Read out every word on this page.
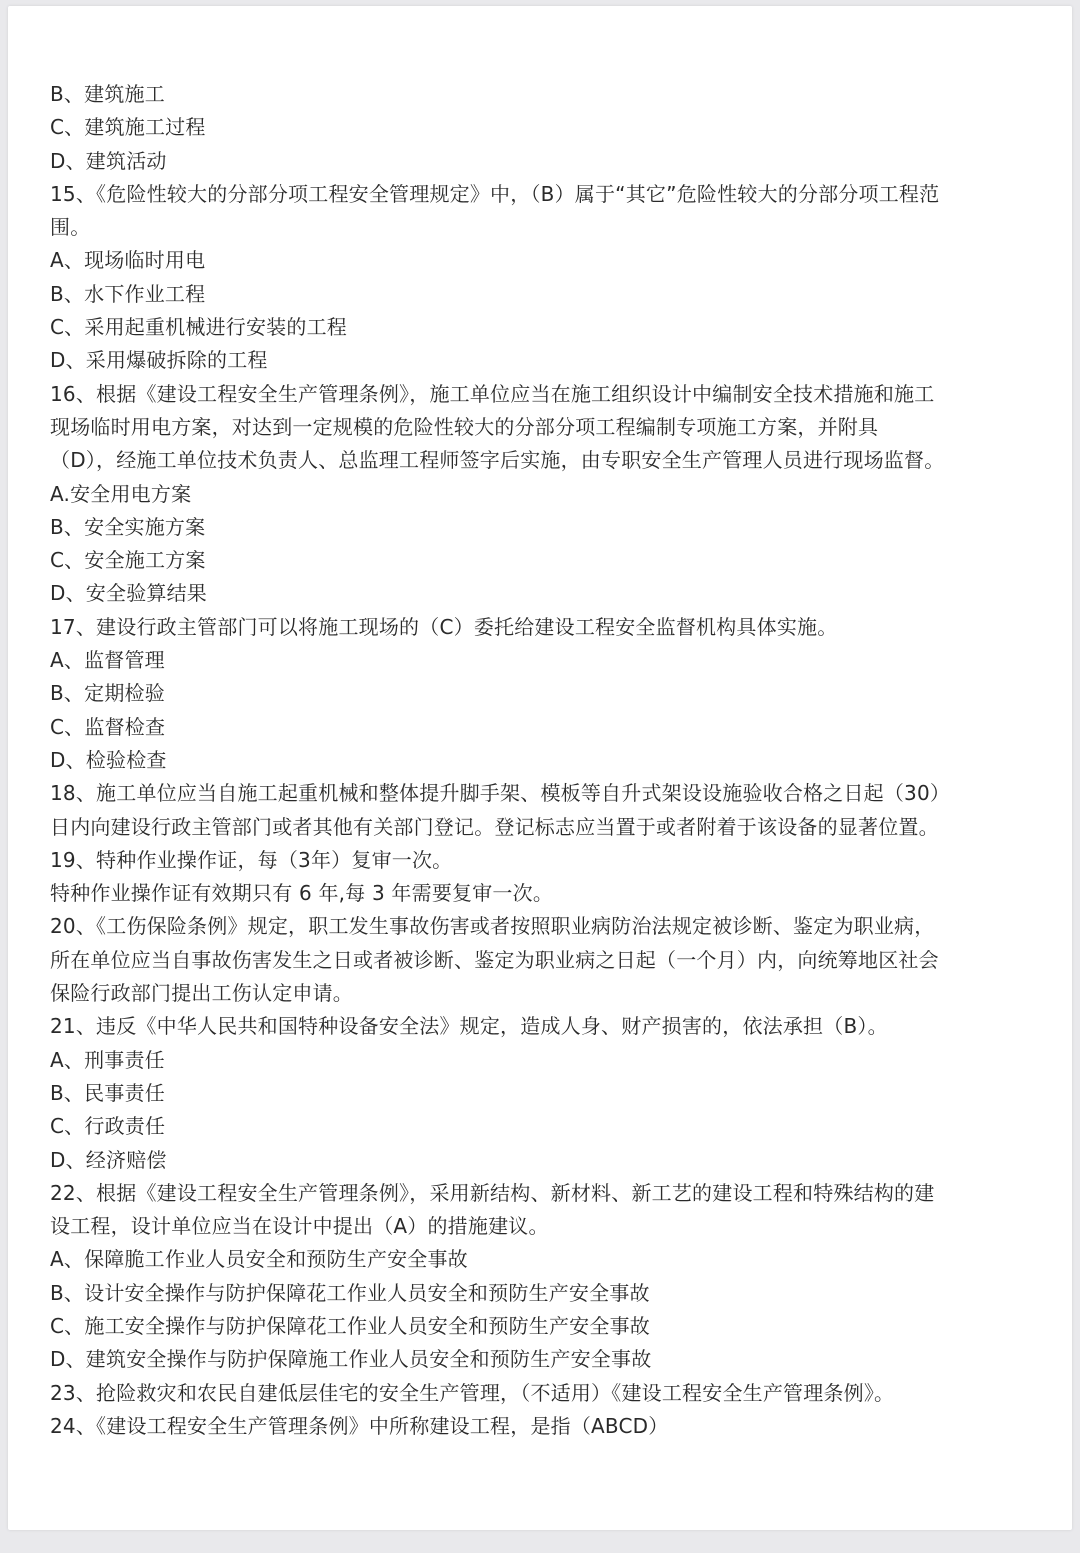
B、建筑施工
C、建筑施工过程
D、建筑活动
15、《危险性较大的分部分项工程安全管理规定》中，（B）属于“其它”危险性较大的分部分项工程范
围。
A、现场临时用电
B、水下作业工程
C、采用起重机械进行安装的工程
D、采用爆破拆除的工程
16、根据《建设工程安全生产管理条例》，施工单位应当在施工组织设计中编制安全技术措施和施工
现场临时用电方案，对达到一定规模的危险性较大的分部分项工程编制专项施工方案，并附具
（D），经施工单位技术负责人、总监理工程师签字后实施，由专职安全生产管理人员进行现场监督。
A.安全用电方案
B、安全实施方案
C、安全施工方案
D、安全验算结果
17、建设行政主管部门可以将施工现场的（C）委托给建设工程安全监督机构具体实施。
A、监督管理
B、定期检验
C、监督检查
D、检验检查
18、施工单位应当自施工起重机械和整体提升脚手架、模板等自升式架设设施验收合格之日起（30）
日内向建设行政主管部门或者其他有关部门登记。登记标志应当置于或者附着于该设备的显著位置。
19、特种作业操作证，每（3年）复审一次。
特种作业操作证有效期只有 6 年,每 3 年需要复审一次。
20、《工伤保险条例》规定，职工发生事故伤害或者按照职业病防治法规定被诊断、鉴定为职业病，
所在单位应当自事故伤害发生之日或者被诊断、鉴定为职业病之日起（一个月）内，向统筹地区社会
保险行政部门提出工伤认定申请。
21、违反《中华人民共和国特种设备安全法》规定，造成人身、财产损害的，依法承担（B）。
A、刑事责任
B、民事责任
C、行政责任
D、经济赔偿
22、根据《建设工程安全生产管理条例》，采用新结构、新材料、新工艺的建设工程和特殊结构的建
设工程，设计单位应当在设计中提出（A）的措施建议。
A、保障脆工作业人员安全和预防生产安全事故
B、设计安全操作与防护保障花工作业人员安全和预防生产安全事故
C、施工安全操作与防护保障花工作业人员安全和预防生产安全事故
D、建筑安全操作与防护保障施工作业人员安全和预防生产安全事故
23、抢险救灾和农民自建低层佳宅的安全生产管理，（不适用）《建设工程安全生产管理条例》。
24、《建设工程安全生产管理条例》中所称建设工程，是指（ABCD）
